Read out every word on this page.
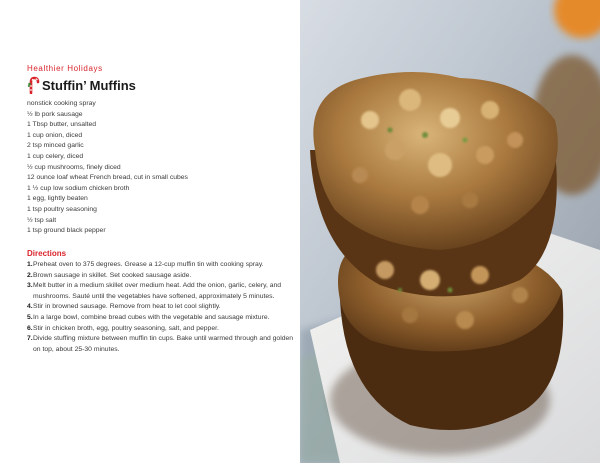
Healthier Holidays
Stuffin’ Muffins
nonstick cooking spray
½ lb pork sausage
1 Tbsp butter, unsalted
1 cup onion, diced
2 tsp minced garlic
1 cup celery, diced
½ cup mushrooms, finely diced
12 ounce loaf wheat French bread, cut in small cubes
1 ½ cup low sodium chicken broth
1 egg, lightly beaten
1 tsp poultry seasoning
½ tsp salt
1 tsp ground black pepper
Directions
1. Preheat oven to 375 degrees. Grease a 12-cup muffin tin with cooking spray.
2. Brown sausage in skillet. Set cooked sausage aside.
3. Melt butter in a medium skillet over medium heat. Add the onion, garlic, celery, and mushrooms. Sauté until the vegetables have softened, approximately 5 minutes.
4. Stir in browned sausage. Remove from heat to let cool slightly.
5. In a large bowl, combine bread cubes with the vegetable and sausage mixture.
6. Stir in chicken broth, egg, poultry seasoning, salt, and pepper.
7. Divide stuffing mixture between muffin tin cups. Bake until warmed through and golden on top, about 25-30 minutes.
